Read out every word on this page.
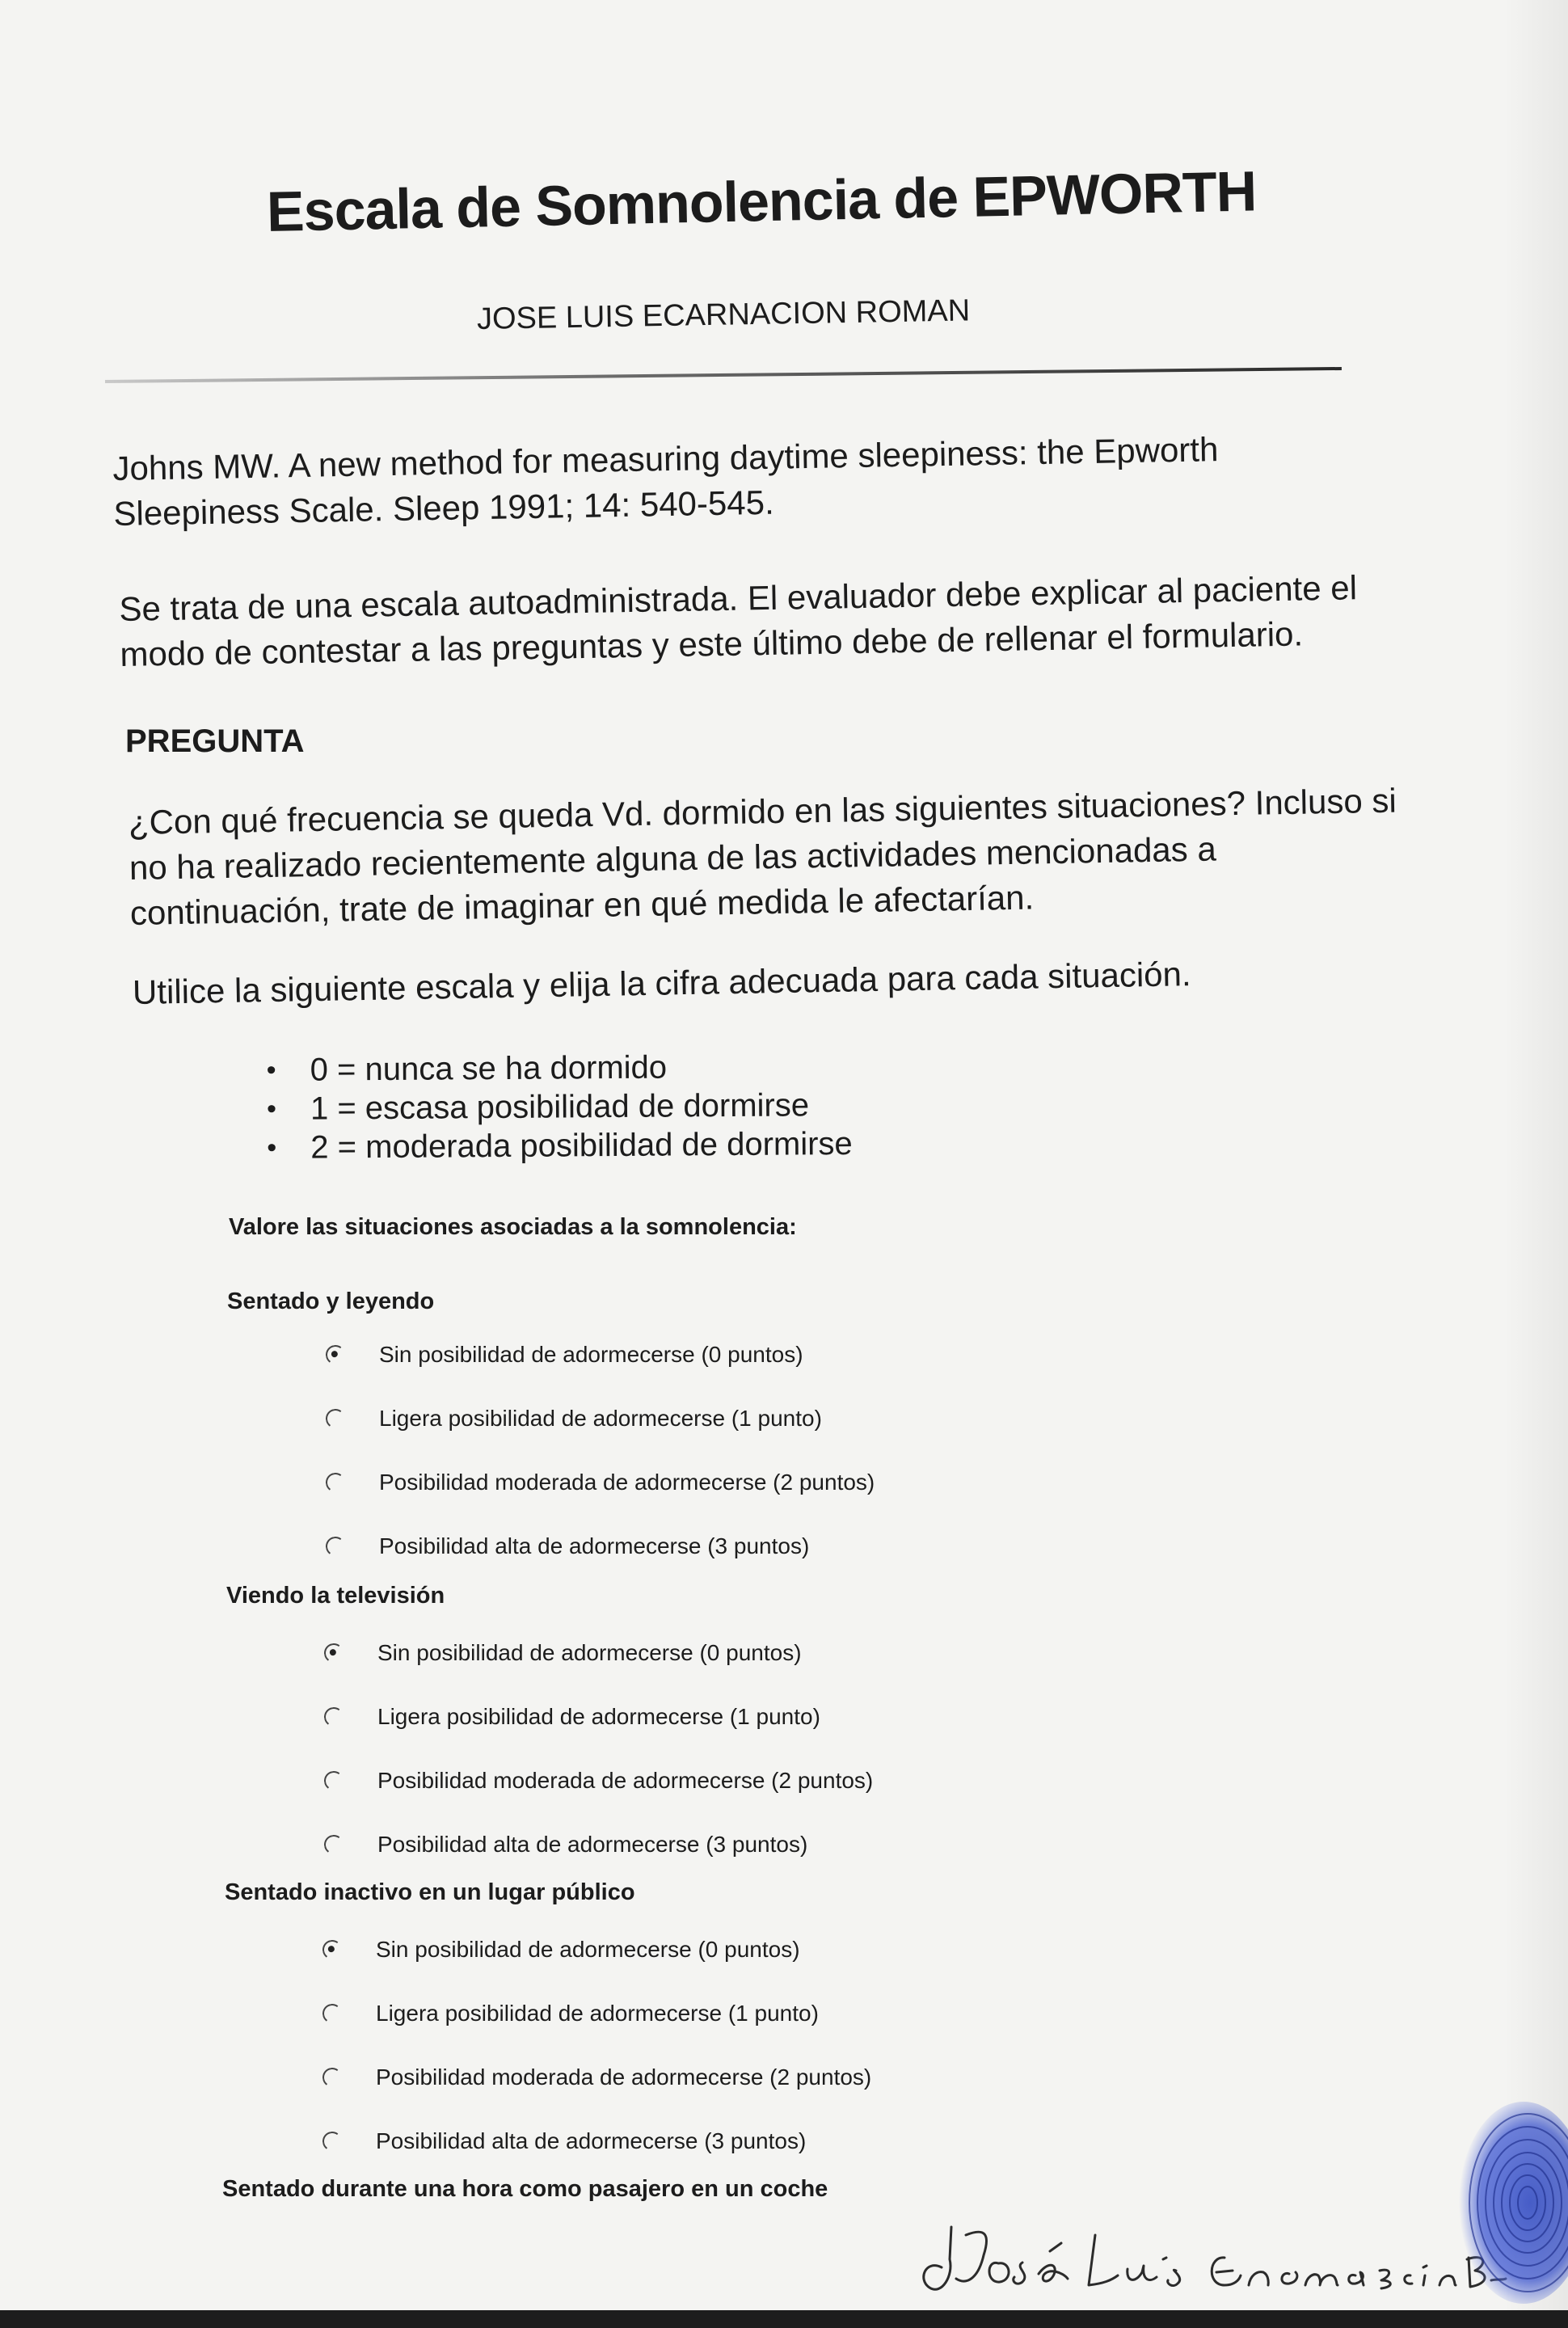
Escala de Somnolencia de EPWORTH
JOSE LUIS ECARNACION ROMAN
Johns MW. A new method for measuring daytime sleepiness: the Epworth
Sleepiness Scale. Sleep 1991; 14: 540-545.
Se trata de una escala autoadministrada. El evaluador debe explicar al paciente el
modo de contestar a las preguntas y este último debe de rellenar el formulario.
PREGUNTA
¿Con qué frecuencia se queda Vd. dormido en las siguientes situaciones? Incluso si
no ha realizado recientemente alguna de las actividades mencionadas a
continuación, trate de imaginar en qué medida le afectarían.
Utilice la siguiente escala y elija la cifra adecuada para cada situación.
• 0 = nunca se ha dormido
• 1 = escasa posibilidad de dormirse
• 2 = moderada posibilidad de dormirse
Valore las situaciones asociadas a la somnolencia:
Sentado y leyendo
Sin posibilidad de adormecerse (0 puntos)
Ligera posibilidad de adormecerse (1 punto)
Posibilidad moderada de adormecerse (2 puntos)
Posibilidad alta de adormecerse (3 puntos)
Viendo la televisión
Sin posibilidad de adormecerse (0 puntos)
Ligera posibilidad de adormecerse (1 punto)
Posibilidad moderada de adormecerse (2 puntos)
Posibilidad alta de adormecerse (3 puntos)
Sentado inactivo en un lugar público
Sin posibilidad de adormecerse (0 puntos)
Ligera posibilidad de adormecerse (1 punto)
Posibilidad moderada de adormecerse (2 puntos)
Posibilidad alta de adormecerse (3 puntos)
Sentado durante una hora como pasajero en un coche
